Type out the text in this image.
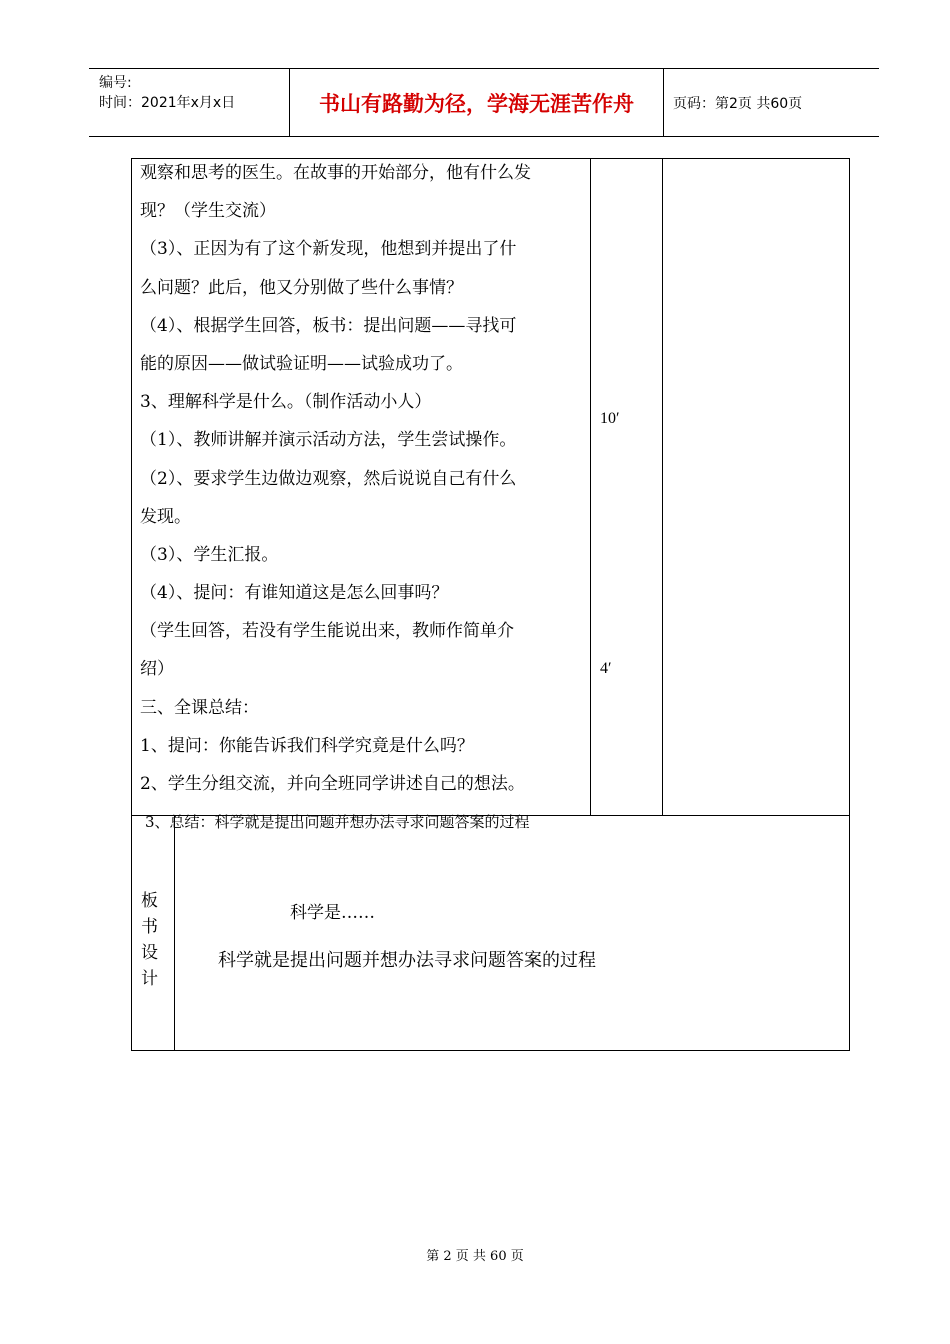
编号:
时间：2021年x月x日	书山有路勤为径，学海无涯苦作舟	页码：第2页 共60页
观察和思考的医生。在故事的开始部分，他有什么发
现？（学生交流）
（3）、正因为有了这个新发现，他想到并提出了什
么问题？此后，他又分别做了些什么事情？
（4）、根据学生回答，板书：提出问题——寻找可
能的原因——做试验证明——试验成功了。
3、理解科学是什么。（制作活动小人）
（1）、教师讲解并演示活动方法，学生尝试操作。
（2）、要求学生边做边观察，然后说说自己有什么
发现。
（3）、学生汇报。
（4）、提问：有谁知道这是怎么回事吗？
（学生回答，若没有学生能说出来，教师作简单介
绍）
三、全课总结：
1、提问：你能告诉我们科学究竟是什么吗？
2、学生分组交流，并向全班同学讲述自己的想法。
3、总结：科学就是提出问题并想办法寻求问题答案的过程
10′
4′
板
书
设
计
科学是……
科学就是提出问题并想办法寻求问题答案的过程
第 2 页 共 60 页
